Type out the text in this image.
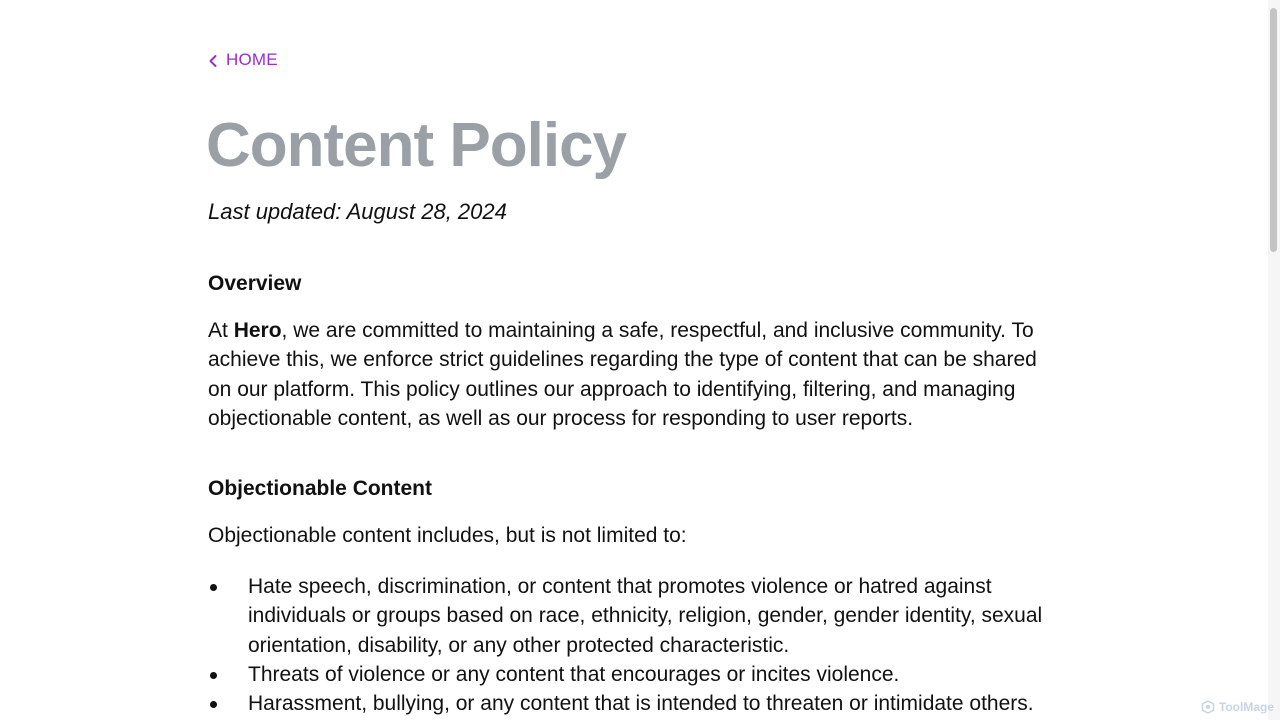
HOME
Content Policy

Last updated: August 28, 2024

Overview

At Hero, we are committed to maintaining a safe, respectful, and inclusive community. To achieve this, we enforce strict guidelines regarding the type of content that can be shared on our platform. This policy outlines our approach to identifying, filtering, and managing objectionable content, as well as our process for responding to user reports.

Objectionable Content

Objectionable content includes, but is not limited to:

Hate speech, discrimination, or content that promotes violence or hatred against individuals or groups based on race, ethnicity, religion, gender, gender identity, sexual orientation, disability, or any other protected characteristic.
Threats of violence or any content that encourages or incites violence.
Harassment, bullying, or any content that is intended to threaten or intimidate others.	ToolMage
